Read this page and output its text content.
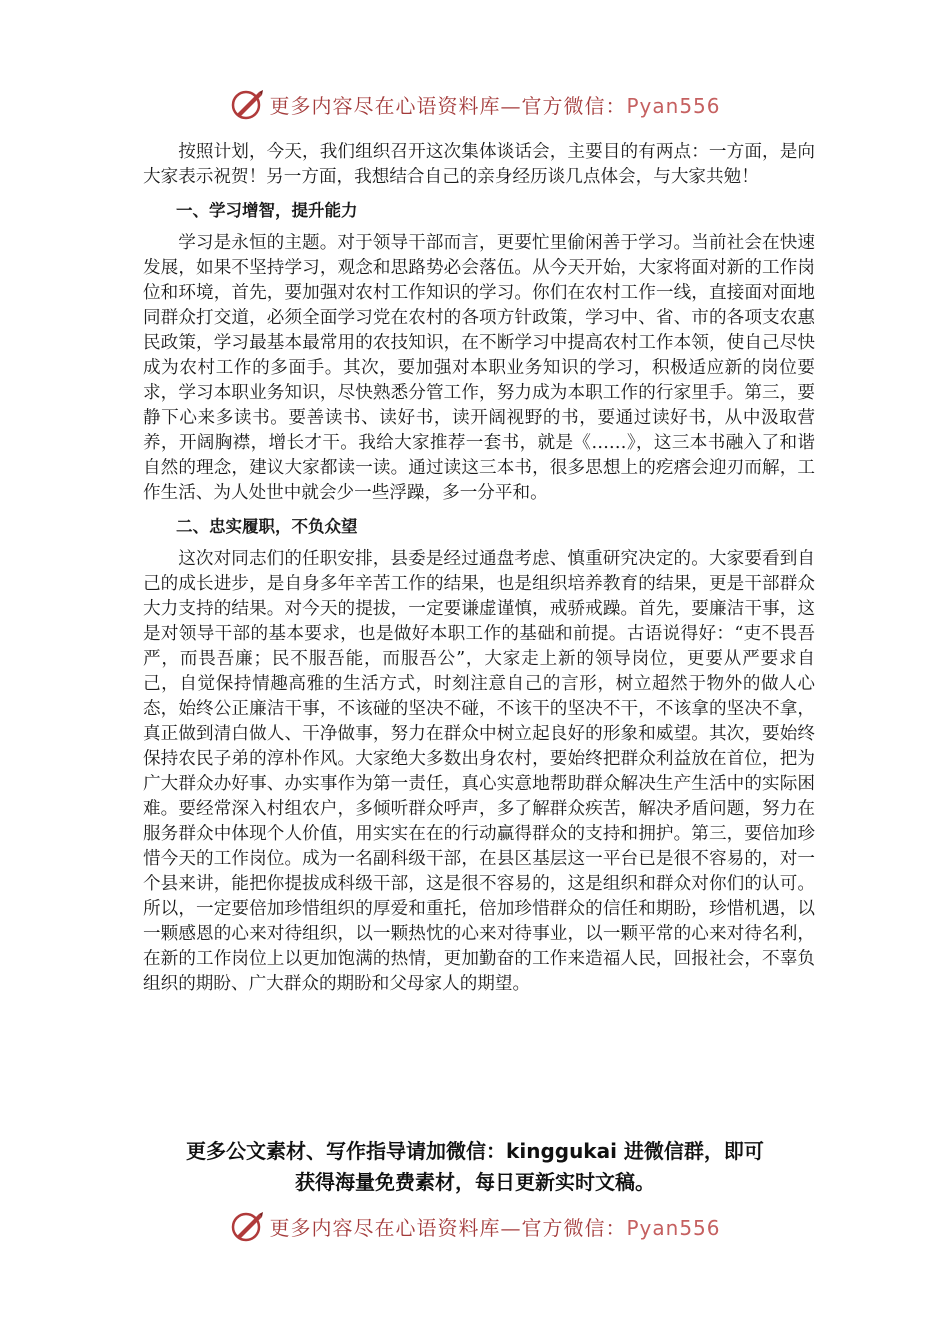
更多内容尽在心语资料库—官方微信：Pyan556

按照计划，今天，我们组织召开这次集体谈话会，主要目的有两点：一方面，是向大家表示祝贺！另一方面，我想结合自己的亲身经历谈几点体会，与大家共勉！

一、学习增智，提升能力

学习是永恒的主题。对于领导干部而言，更要忙里偷闲善于学习。当前社会在快速发展，如果不坚持学习，观念和思路势必会落伍。从今天开始，大家将面对新的工作岗位和环境，首先，要加强对农村工作知识的学习。你们在农村工作一线，直接面对面地同群众打交道，必须全面学习党在农村的各项方针政策，学习中、省、市的各项支农惠民政策，学习最基本最常用的农技知识，在不断学习中提高农村工作本领，使自己尽快成为农村工作的多面手。其次，要加强对本职业务知识的学习，积极适应新的岗位要求，学习本职业务知识，尽快熟悉分管工作，努力成为本职工作的行家里手。第三，要静下心来多读书。要善读书、读好书，读开阔视野的书，要通过读好书，从中汲取营养，开阔胸襟，增长才干。我给大家推荐一套书，就是《……》，这三本书融入了和谐自然的理念，建议大家都读一读。通过读这三本书，很多思想上的疙瘩会迎刃而解，工作生活、为人处世中就会少一些浮躁，多一分平和。

二、忠实履职，不负众望

这次对同志们的任职安排，县委是经过通盘考虑、慎重研究决定的。大家要看到自己的成长进步，是自身多年辛苦工作的结果，也是组织培养教育的结果，更是干部群众大力支持的结果。对今天的提拔，一定要谦虚谨慎，戒骄戒躁。首先，要廉洁干事，这是对领导干部的基本要求，也是做好本职工作的基础和前提。古语说得好：“吏不畏吾严，而畏吾廉；民不服吾能，而服吾公”，大家走上新的领导岗位，更要从严要求自己，自觉保持情趣高雅的生活方式，时刻注意自己的言形，树立超然于物外的做人心态，始终公正廉洁干事，不该碰的坚决不碰，不该干的坚决不干，不该拿的坚决不拿，真正做到清白做人、干净做事，努力在群众中树立起良好的形象和威望。其次，要始终保持农民子弟的淳朴作风。大家绝大多数出身农村，要始终把群众利益放在首位，把为广大群众办好事、办实事作为第一责任，真心实意地帮助群众解决生产生活中的实际困难。要经常深入村组农户，多倾听群众呼声，多了解群众疾苦，解决矛盾问题，努力在服务群众中体现个人价值，用实实在在的行动赢得群众的支持和拥护。第三，要倍加珍惜今天的工作岗位。成为一名副科级干部，在县区基层这一平台已是很不容易的，对一个县来讲，能把你提拔成科级干部，这是很不容易的，这是组织和群众对你们的认可。所以，一定要倍加珍惜组织的厚爱和重托，倍加珍惜群众的信任和期盼，珍惜机遇，以一颗感恩的心来对待组织，以一颗热忱的心来对待事业，以一颗平常的心来对待名利，在新的工作岗位上以更加饱满的热情，更加勤奋的工作来造福人民，回报社会，不辜负组织的期盼、广大群众的期盼和父母家人的期望。

更多公文素材、写作指导请加微信：kinggukai 进微信群，即可
获得海量免费素材，每日更新实时文稿。
更多内容尽在心语资料库—官方微信：Pyan556
